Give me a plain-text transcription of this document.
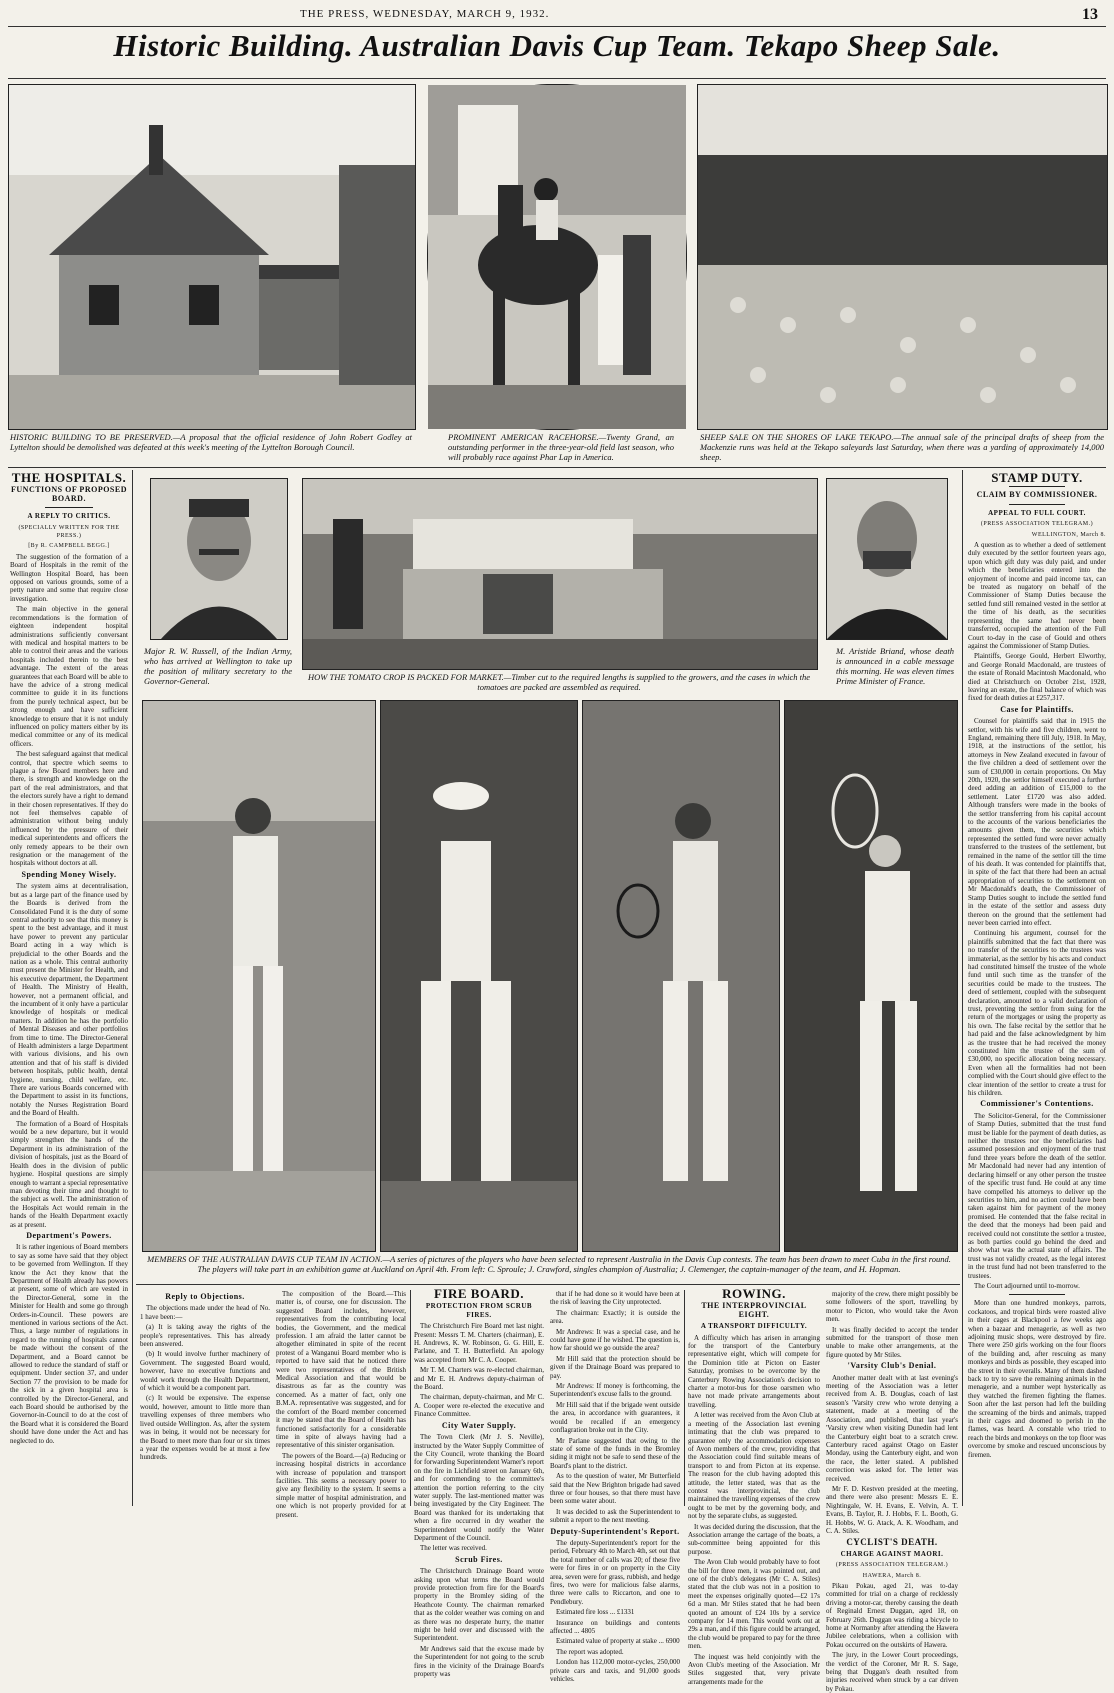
THE PRESS, WEDNESDAY, MARCH 9, 1932.	13
Historic Building. Australian Davis Cup Team. Tekapo Sheep Sale.
HISTORIC BUILDING TO BE PRESERVED.—A proposal that the official residence of John Robert Godley at Lyttelton should be demolished was defeated at this week's meeting of the Lyttelton Borough Council.
PROMINENT AMERICAN RACEHORSE.—Twenty Grand, an outstanding performer in the three-year-old field last season, who will probably race against Phar Lap in America.
SHEEP SALE ON THE SHORES OF LAKE TEKAPO.—The annual sale of the principal drafts of sheep from the Mackenzie runs was held at the Tekapo saleyards last Saturday, when there was a yarding of approximately 14,000 sheep.
THE HOSPITALS.
FUNCTIONS OF PROPOSED BOARD.
A REPLY TO CRITICS.
(SPECIALLY WRITTEN FOR THE PRESS.)
[By R. CAMPBELL BEGG.]

The suggestion of the formation of a Board of Hospitals in the remit of the Wellington Hospital Board, has been opposed on various grounds, some of a petty nature and some that require close investigation.

The main objective in the general recommendations is the formation of eighteen independent hospital administrations sufficiently conversant with medical and hospital matters to be able to control their areas and the various hospitals included therein to the best advantage. The extent of the areas guarantees that each Board will be able to have the advice of a strong medical committee to guide it in its functions from the purely technical aspect, but be strong enough and have sufficient knowledge to ensure that it is not unduly influenced on policy matters either by its medical committee or any of its medical officers.

The best safeguard against that medical control, that spectre which seems to plague a few Board members here and there, is strength and knowledge on the part of the real administrators, and that the electors surely have a right to demand in their chosen representatives. If they do not feel themselves capable of administration without being unduly influenced by the pressure of their medical superintendents and officers the only remedy appears to be their own resignation or the management of the hospitals without doctors at all.

Spending Money Wisely.

The system aims at decentralisation, but as a large part of the finance used by the Boards is derived from the Consolidated Fund it is the duty of some central authority to see that this money is spent to the best advantage, and it must have power to prevent any particular Board acting in a way which is prejudicial to the other Boards and the nation as a whole. This central authority must present the Minister for Health, and his executive department, the Department of Health. The Ministry of Health, however, not a permanent official, and the incumbent of it only have a particular knowledge of hospitals or medical matters. In addition he has the portfolio of Mental Diseases and other portfolios from time to time. The Director-General of Health administers a large Department with various divisions, and his own attention and that of his staff is divided between hospitals, public health, dental hygiene, nursing, child welfare, etc. There are various Boards concerned with the Department to assist in its functions, notably the Nurses Registration Board and the Board of Health.

The formation of a Board of Hospitals would be a new departure, but it would simply strengthen the hands of the Department in its administration of the division of hospitals, just as the Board of Health does in the division of public hygiene. Hospital questions are simply enough to warrant a special representative man devoting their time and thought to the subject as well. The administration of the Hospitals Act would remain in the hands of the Health Department exactly as at present.

Department's Powers.

It is rather ingenious of Board members to say as some have said that they object to be governed from Wellington. If they know the Act they know that the Department of Health already has powers at present, some of which are vested in the Director-General, some in the Minister for Health and some go through Orders-in-Council. These powers are mentioned in various sections of the Act. Thus, a large number of regulations in regard to the running of hospitals cannot be made without the consent of the Department, and a Board cannot be allowed to reduce the standard of staff or equipment. Under section 37, and under Section 77 the provision to be made for the sick in a given hospital area is controlled by the Director-General, and each Board should be authorised by the Governor-in-Council to do at the cost of the Board what it is considered the Board should have done under the Act and has neglected to do.

Major R. W. Russell, of the Indian Army, who has arrived at Wellington to take up the position of military secretary to the Governor-General.	HOW THE TOMATO CROP IS PACKED FOR MARKET.—Timber cut to the required lengths is supplied to the growers, and the cases in which the tomatoes are packed are assembled as required.
M. Aristide Briand, whose death is announced in a cable message this morning. He was eleven times Prime Minister of France.
MEMBERS OF THE AUSTRALIAN DAVIS CUP TEAM IN ACTION.—A series of pictures of the players who have been selected to represent Australia in the Davis Cup contests. The team has been drawn to meet Cuba in the first round. The players will take part in an exhibition game at Auckland on April 4th. From left: C. Sproule; J. Crawford, singles champion of Australia; J. Clemenger, the captain-manager of the team, and H. Hopman.
Reply to Objections.

The objections made under the head of No. 1 have been:—

(a) It is taking away the rights of the people's representatives. This has already been answered.

(b) It would involve further machinery of Government. The suggested Board would, however, have no executive functions and would work through the Health Department, of which it would be a component part.

(c) It would be expensive. The expense would, however, amount to little more than travelling expenses of three members who lived outside Wellington. As, after the system was in being, it would not be necessary for the Board to meet more than four or six times a year the expenses would be at most a few hundreds.

The composition of the Board.—This matter is, of course, one for discussion. The suggested Board includes, however, representatives from the contributing local bodies, the Government, and the medical profession. I am afraid the latter cannot be altogether eliminated in spite of the recent protest of a Wanganui Board member who is reported to have said that he noticed there were two representatives of the British Medical Association and that would be disastrous as far as the country was concerned. As a matter of fact, only one B.M.A. representative was suggested, and for the comfort of the Board member concerned it may be stated that the Board of Health has functioned satisfactorily for a considerable time in spite of always having had a representative of this sinister organisation.

The powers of the Board.—(a) Reducing or increasing hospital districts in accordance with increase of population and transport facilities. This seems a necessary power to give any flexibility to the system. It seems a simple matter of hospital administration, and one which is not properly provided for at present.

FIRE BOARD.
PROTECTION FROM SCRUB FIRES.

The Christchurch Fire Board met last night. Present: Messrs T. M. Charters (chairman), E. H. Andrews, K. W. Robinson, G. G. Hill, E. Parlane, and T. H. Butterfield. An apology was accepted from Mr C. A. Cooper.

Mr T. M. Charters was re-elected chairman, and Mr E. H. Andrews deputy-chairman of the Board.

The chairman, deputy-chairman, and Mr C. A. Cooper were re-elected the executive and Finance Committee.

City Water Supply.

The Town Clerk (Mr J. S. Neville), instructed by the Water Supply Committee of the City Council, wrote thanking the Board for forwarding Superintendent Warner's report on the fire in Lichfield street on January 6th, and for commending to the committee's attention the portion referring to the city water supply. The last-mentioned matter was being investigated by the City Engineer. The Board was thanked for its undertaking that when a fire occurred in dry weather the Superintendent would notify the Water Department of the Council.

The letter was received.

Scrub Fires.

The Christchurch Drainage Board wrote asking upon what terms the Board would provide protection from fire for the Board's property in the Bromley siding of the Heathcote County. The chairman remarked that as the colder weather was coming on and as there was no desperate hurry, the matter might be held over and discussed with the Superintendent.

Mr Andrews said that the excuse made by the Superintendent for not going to the scrub fires in the vicinity of the Drainage Board's property was

that if he had done so it would have been at the risk of leaving the City unprotected.

The chairman: Exactly; it is outside the area.

Mr Andrews: It was a special case, and he could have gone if he wished. The question is, how far should we go outside the area?

Mr Hill said that the protection should be given if the Drainage Board was prepared to pay.

Mr Andrews: If money is forthcoming, the Superintendent's excuse falls to the ground.

Mr Hill said that if the brigade went outside the area, in accordance with guarantees, it would be recalled if an emergency conflagration broke out in the City.

Mr Parlane suggested that owing to the state of some of the funds in the Bromley siding it might not be safe to send these of the Board's plant to the district.

As to the question of water, Mr Butterfield said that the New Brighton brigade had saved three or four houses, so that there must have been some water about.

It was decided to ask the Superintendent to submit a report to the next meeting.

Deputy-Superintendent's Report.

The deputy-Superintendent's report for the period, February 4th to March 4th, set out that the total number of calls was 20; of these five were for fires in or on property in the City area, seven were for grass, rubbish, and hedge fires, two were for malicious false alarms, three were calls to Riccarton, and one to Pendlebury.

Estimated fire loss ... £1331

Insurance on buildings and contents affected ... 4805

Estimated value of property at stake ... 6900

The report was adopted.

London has 112,000 motor-cycles, 250,000 private cars and taxis, and 91,000 goods vehicles.

ROWING.
THE INTERPROVINCIAL EIGHT.
A TRANSPORT DIFFICULTY.

A difficulty which has arisen in arranging for the transport of the Canterbury representative eight, which will compete for the Dominion title at Picton on Easter Saturday, promises to be overcome by the Canterbury Rowing Association's decision to charter a motor-bus for those oarsmen who have not made private arrangements about travelling.

A letter was received from the Avon Club at a meeting of the Association last evening intimating that the club was prepared to guarantee only the accommodation expenses of Avon members of the crew, providing that the Association could find suitable means of transport to and from Picton at its expense. The reason for the club having adopted this attitude, the letter stated, was that as the contest was interprovincial, the club maintained the travelling expenses of the crew ought to be met by the governing body, and not by the separate clubs, as suggested.

It was decided during the discussion, that the Association arrange the cartage of the boats, a sub-committee being appointed for this purpose.

The Avon Club would probably have to foot the bill for three men, it was pointed out, and one of the club's delegates (Mr C. A. Stiles) stated that the club was not in a position to meet the expenses originally quoted—£2 17s 6d a man. Mr Stiles stated that he had been quoted an amount of £24 10s by a service company for 14 men. This would work out at 29s a man, and if this figure could be arranged, the club would be prepared to pay for the three men.

The inquest was held conjointly with the Avon Club's meeting of the Association. Mr Stiles suggested that, very private arrangements made for the

majority of the crew, there might possibly be some followers of the sport, travelling by motor to Picton, who would take the Avon men.

It was finally decided to accept the tender submitted for the transport of those men unable to make other arrangements, at the figure quoted by Mr Stiles.

'Varsity Club's Denial.

Another matter dealt with at last evening's meeting of the Association was a letter received from A. B. Douglas, coach of last season's 'Varsity crew who wrote denying a statement, made at a meeting of the Association, and published, that last year's 'Varsity crew when visiting Dunedin had lent the Canterbury eight boat to a scratch crew. Canterbury raced against Otago on Easter Monday, using the Canterbury eight, and won the race, the letter stated. A published correction was asked for. The letter was received.

Mr F. D. Kestven presided at the meeting, and there were also present: Messrs E. E. Nightingale, W. H. Evans, E. Velvin, A. T. Evans, B. Taylor, R. J. Hobbs, F. L. Booth, G. H. Hobbs, W. G. Atack, A. K. Woodham, and C. A. Stiles.

CYCLIST'S DEATH.
CHARGE AGAINST MAORI.
(PRESS ASSOCIATION TELEGRAM.)
HAWERA, March 8.

Pikau Pokau, aged 21, was to-day committed for trial on a charge of recklessly driving a motor-car, thereby causing the death of Reginald Ernest Duggan, aged 18, on February 26th. Duggan was riding a bicycle to home at Normanby after attending the Hawera Jubilee celebrations, when a collision with Pokau occurred on the outskirts of Hawera.

The jury, in the Lower Court proceedings, the verdict of the Coroner, Mr R. S. Sage, being that Duggan's death resulted from injuries received when struck by a car driven by Pokau.

STAMP DUTY.
CLAIM BY COMMISSIONER.
APPEAL TO FULL COURT.
(PRESS ASSOCIATION TELEGRAM.)
WELLINGTON, March 8.

A question as to whether a deed of settlement duly executed by the settlor fourteen years ago, upon which gift duty was duly paid, and under which the beneficiaries entered into the enjoyment of income and paid income tax, can be treated as nugatory on behalf of the Commissioner of Stamp Duties because the settled fund still remained vested in the settlor at the time of his death, as the securities representing the same had never been transferred, occupied the attention of the Full Court to-day in the case of Gould and others against the Commissioner of Stamp Duties.

Plaintiffs, George Gould, Herbert Elworthy, and George Ronald Macdonald, are trustees of the estate of Ronald Macintosh Macdonald, who died at Christchurch on October 21st, 1928, leaving an estate, the final balance of which was fixed for death duties at £257,317.

Case for Plaintiffs.

Counsel for plaintiffs said that in 1915 the settlor, with his wife and five children, went to England, remaining there till July, 1918. In May, 1918, at the instructions of the settlor, his attorneys in New Zealand executed in favour of the five children a deed of settlement over the sum of £30,000 in certain proportions. On May 20th, 1920, the settlor himself executed a further deed adding an addition of £15,000 to the settlement. Later £1720 was also added. Although transfers were made in the books of the settlor transferring from his capital account to the accounts of the various beneficiaries the amounts given them, the securities which represented the settled fund were never actually transferred to the trustees of the settlement, but remained in the name of the settlor till the time of his death. It was contended for plaintiffs that, in spite of the fact that there had been an actual appropriation of securities to the settlement on Mr Macdonald's death, the Commissioner of Stamp Duties sought to include the settled fund in the estate of the settlor and assess duty thereon on the ground that the settlement had never been carried into effect.

Continuing his argument, counsel for the plaintiffs submitted that the fact that there was no transfer of the securities to the trustees was immaterial, as the settlor by his acts and conduct had constituted himself the trustee of the whole fund until such time as the transfer of the securities could be made to the trustees. The deed of settlement, coupled with the subsequent declaration, amounted to a valid declaration of trust, preventing the settlor from suing for the return of the mortgages or using the property as his own. The false recital by the settlor that he had paid and the false acknowledgment by him as the trustee that he had received the money constituted him the trustee of the sum of £30,000, no specific allocation being necessary. Even when all the formalities had not been complied with the Court should give effect to the clear intention of the settlor to create a trust for his children.

Commissioner's Contentions.

The Solicitor-General, for the Commissioner of Stamp Duties, submitted that the trust fund must be liable for the payment of death duties, as neither the trustees nor the beneficiaries had assumed possession and enjoyment of the trust fund three years before the death of the settlor. Mr Macdonald had never had any intention of declaring himself or any other person the trustee of the specific trust fund. He could at any time have compelled his attorneys to deliver up the securities to him, and no action could have been taken against him for payment of the money promised. He contended that the false recital in the deed that the moneys had been paid and received could not constitute the settlor a trustee, as both parties could go behind the deed and show what was the actual state of affairs. The trust was not validly created, as the legal interest in the trust fund had not been transferred to the trustees.

The Court adjourned until to-morrow.

More than one hundred monkeys, parrots, cockatoos, and tropical birds were roasted alive in their cages at Blackpool a few weeks ago when a bazaar and menagerie, as well as two adjoining music shops, were destroyed by fire. There were 250 girls working on the four floors of the building and, after rescuing as many monkeys and birds as possible, they escaped into the street in their overalls. Many of them dashed back to try to save the remaining animals in the menagerie, and a number wept hysterically as they watched the firemen fighting the flames. Soon after the last person had left the building the screaming of the birds and animals, trapped in their cages and doomed to perish in the flames, was heard. A constable who tried to reach the birds and monkeys on the top floor was overcome by smoke and rescued unconscious by firemen.
